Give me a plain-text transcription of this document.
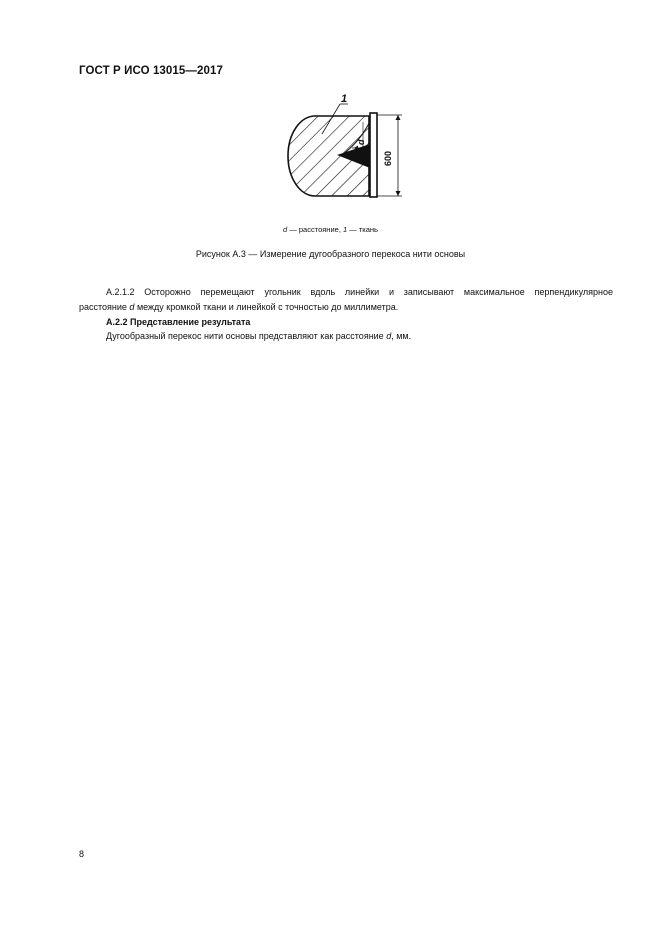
ГОСТ Р ИСО 13015—2017
d
600
1
d — расстояние, 1 — ткань
Рисунок А.3 — Измерение дугообразного перекоса нити основы
А.2.1.2 Осторожно перемещают угольник вдоль линейки и записывают максимальное перпендикулярное
расстояние d между кромкой ткани и линейкой с точностью до миллиметра.
А.2.2 Представление результата
Дугообразный перекос нити основы представляют как расстояние d, мм.
8
